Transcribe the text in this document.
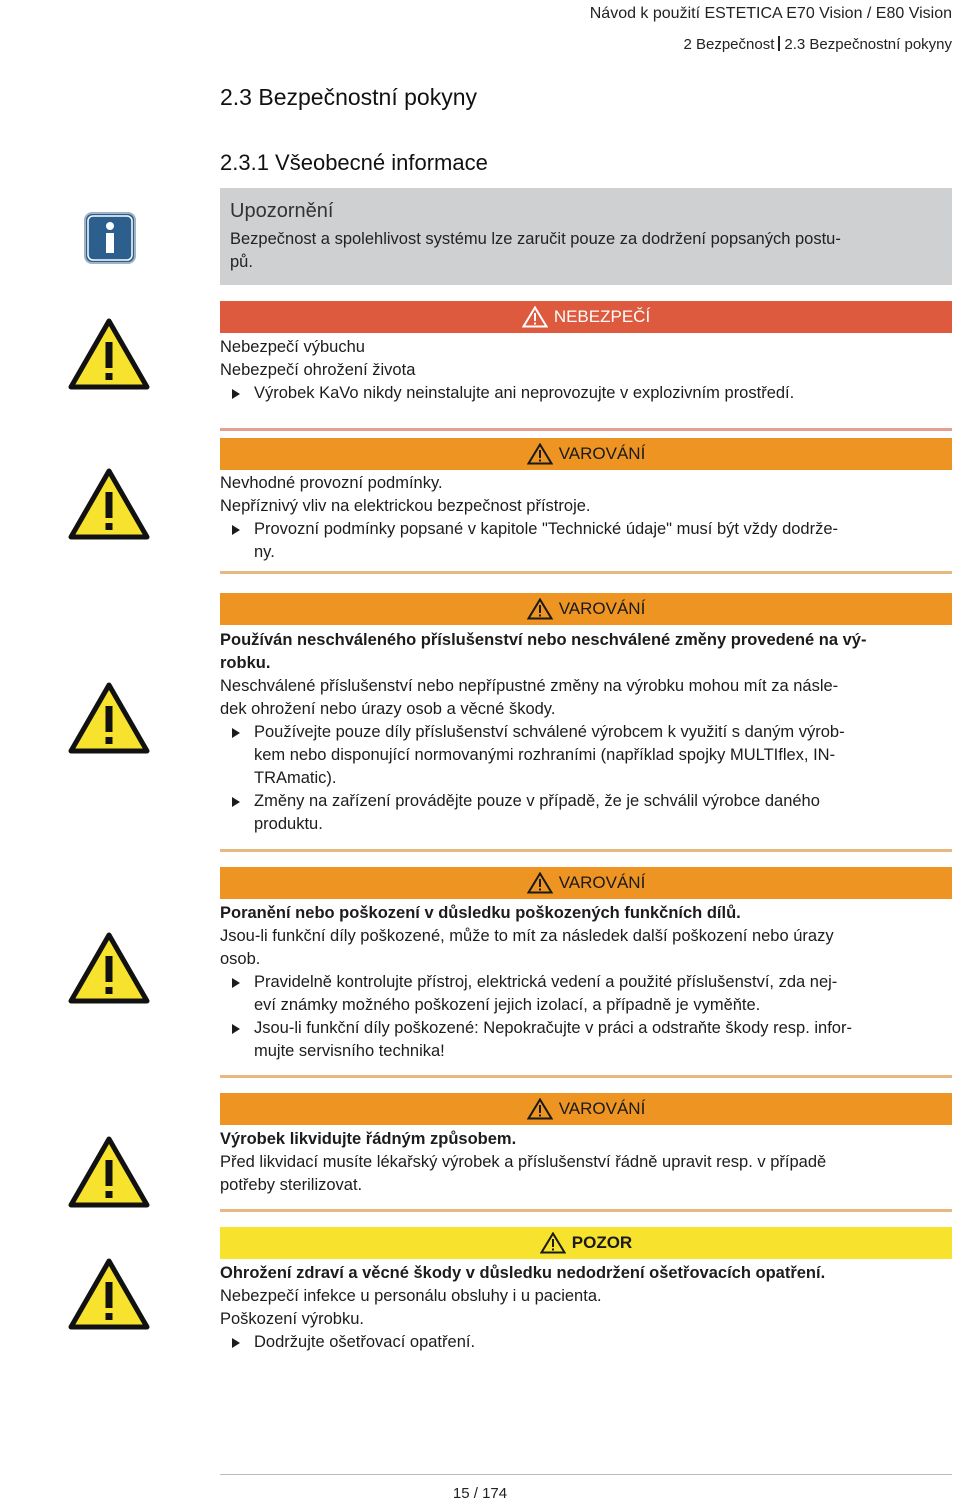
Návod k použití ESTETICA E70 Vision / E80 Vision
2 Bezpečnost 2.3 Bezpečnostní pokyny
2.3 Bezpečnostní pokyny
2.3.1 Všeobecné informace
Upozornění
Bezpečnost a spolehlivost systému lze zaručit pouze za dodržení popsaných postu-
pů.
NEBEZPEČÍ
Nebezpečí výbuchu
Nebezpečí ohrožení života
Výrobek KaVo nikdy neinstalujte ani neprovozujte v explozivním prostředí.
VAROVÁNÍ
Nevhodné provozní podmínky.
Nepříznivý vliv na elektrickou bezpečnost přístroje.
Provozní podmínky popsané v kapitole "Technické údaje" musí být vždy dodrže-
ny.
VAROVÁNÍ
Používán neschváleného příslušenství nebo neschválené změny provedené na vý-
robku.
Neschválené příslušenství nebo nepřípustné změny na výrobku mohou mít za násle-
dek ohrožení nebo úrazy osob a věcné škody.
Používejte pouze díly příslušenství schválené výrobcem k využití s daným výrob-
kem nebo disponující normovanými rozhraními (například spojky MULTIflex, IN-
TRAmatic).
Změny na zařízení provádějte pouze v případě, že je schválil výrobce daného
produktu.
VAROVÁNÍ
Poranění nebo poškození v důsledku poškozených funkčních dílů.
Jsou-li funkční díly poškozené, může to mít za následek další poškození nebo úrazy
osob.
Pravidelně kontrolujte přístroj, elektrická vedení a použité příslušenství, zda nej-
eví známky možného poškození jejich izolací, a případně je vyměňte.
Jsou-li funkční díly poškozené: Nepokračujte v práci a odstraňte škody resp. infor-
mujte servisního technika!
VAROVÁNÍ
Výrobek likvidujte řádným způsobem.
Před likvidací musíte lékařský výrobek a příslušenství řádně upravit resp. v případě
potřeby sterilizovat.
POZOR
Ohrožení zdraví a věcné škody v důsledku nedodržení ošetřovacích opatření.
Nebezpečí infekce u personálu obsluhy i u pacienta.
Poškození výrobku.
Dodržujte ošetřovací opatření.
15 / 174
